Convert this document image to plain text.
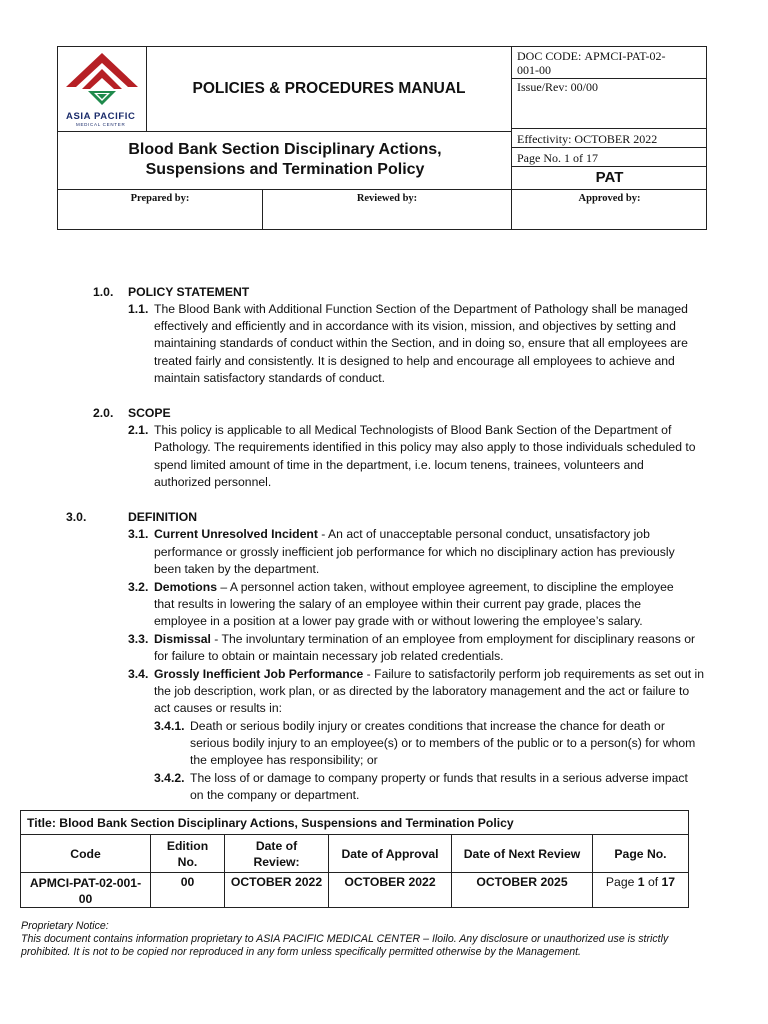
ASIA PACIFIC
MEDICAL CENTER
POLICIES & PROCEDURES MANUAL
DOC CODE: APMCI-PAT-02-
001-00
Issue/Rev: 00/00
Blood Bank Section Disciplinary Actions,
Suspensions and Termination Policy
Effectivity: OCTOBER 2022
Page No. 1 of 17
PAT
Prepared by:	Reviewed by:	Approved by:
1.0. POLICY STATEMENT
1.1. The Blood Bank with Additional Function Section of the Department of Pathology shall be managed
effectively and efficiently and in accordance with its vision, mission, and objectives by setting and
maintaining standards of conduct within the Section, and in doing so, ensure that all employees are
treated fairly and consistently. It is designed to help and encourage all employees to achieve and
maintain satisfactory standards of conduct.
2.0. SCOPE
2.1. This policy is applicable to all Medical Technologists of Blood Bank Section of the Department of
Pathology. The requirements identified in this policy may also apply to those individuals scheduled to
spend limited amount of time in the department, i.e. locum tenens, trainees, volunteers and
authorized personnel.
3.0.	DEFINITION
3.1. Current Unresolved Incident - An act of unacceptable personal conduct, unsatisfactory job
performance or grossly inefficient job performance for which no disciplinary action has previously
been taken by the department.
3.2. Demotions – A personnel action taken, without employee agreement, to discipline the employee
that results in lowering the salary of an employee within their current pay grade, places the
employee in a position at a lower pay grade with or without lowering the employee’s salary.
3.3. Dismissal - The involuntary termination of an employee from employment for disciplinary reasons or
for failure to obtain or maintain necessary job related credentials.
3.4. Grossly Inefficient Job Performance - Failure to satisfactorily perform job requirements as set out in
the job description, work plan, or as directed by the laboratory management and the act or failure to
act causes or results in:
3.4.1. Death or serious bodily injury or creates conditions that increase the chance for death or
serious bodily injury to an employee(s) or to members of the public or to a person(s) for whom
the employee has responsibility; or
3.4.2. The loss of or damage to company property or funds that results in a serious adverse impact
on the company or department.
Title: Blood Bank Section Disciplinary Actions, Suspensions and Termination Policy					
Code	Edition No.	Date of Review:	Date of Approval	Date of Next Review	Page No.
APMCI-PAT-02-001-
00	00	OCTOBER 2022	OCTOBER 2022	OCTOBER 2025	Page 1 of 17
Proprietary Notice:
This document contains information proprietary to ASIA PACIFIC MEDICAL CENTER – Iloilo. Any disclosure or unauthorized use is strictly
prohibited. It is not to be copied nor reproduced in any form unless specifically permitted otherwise by the Management.
